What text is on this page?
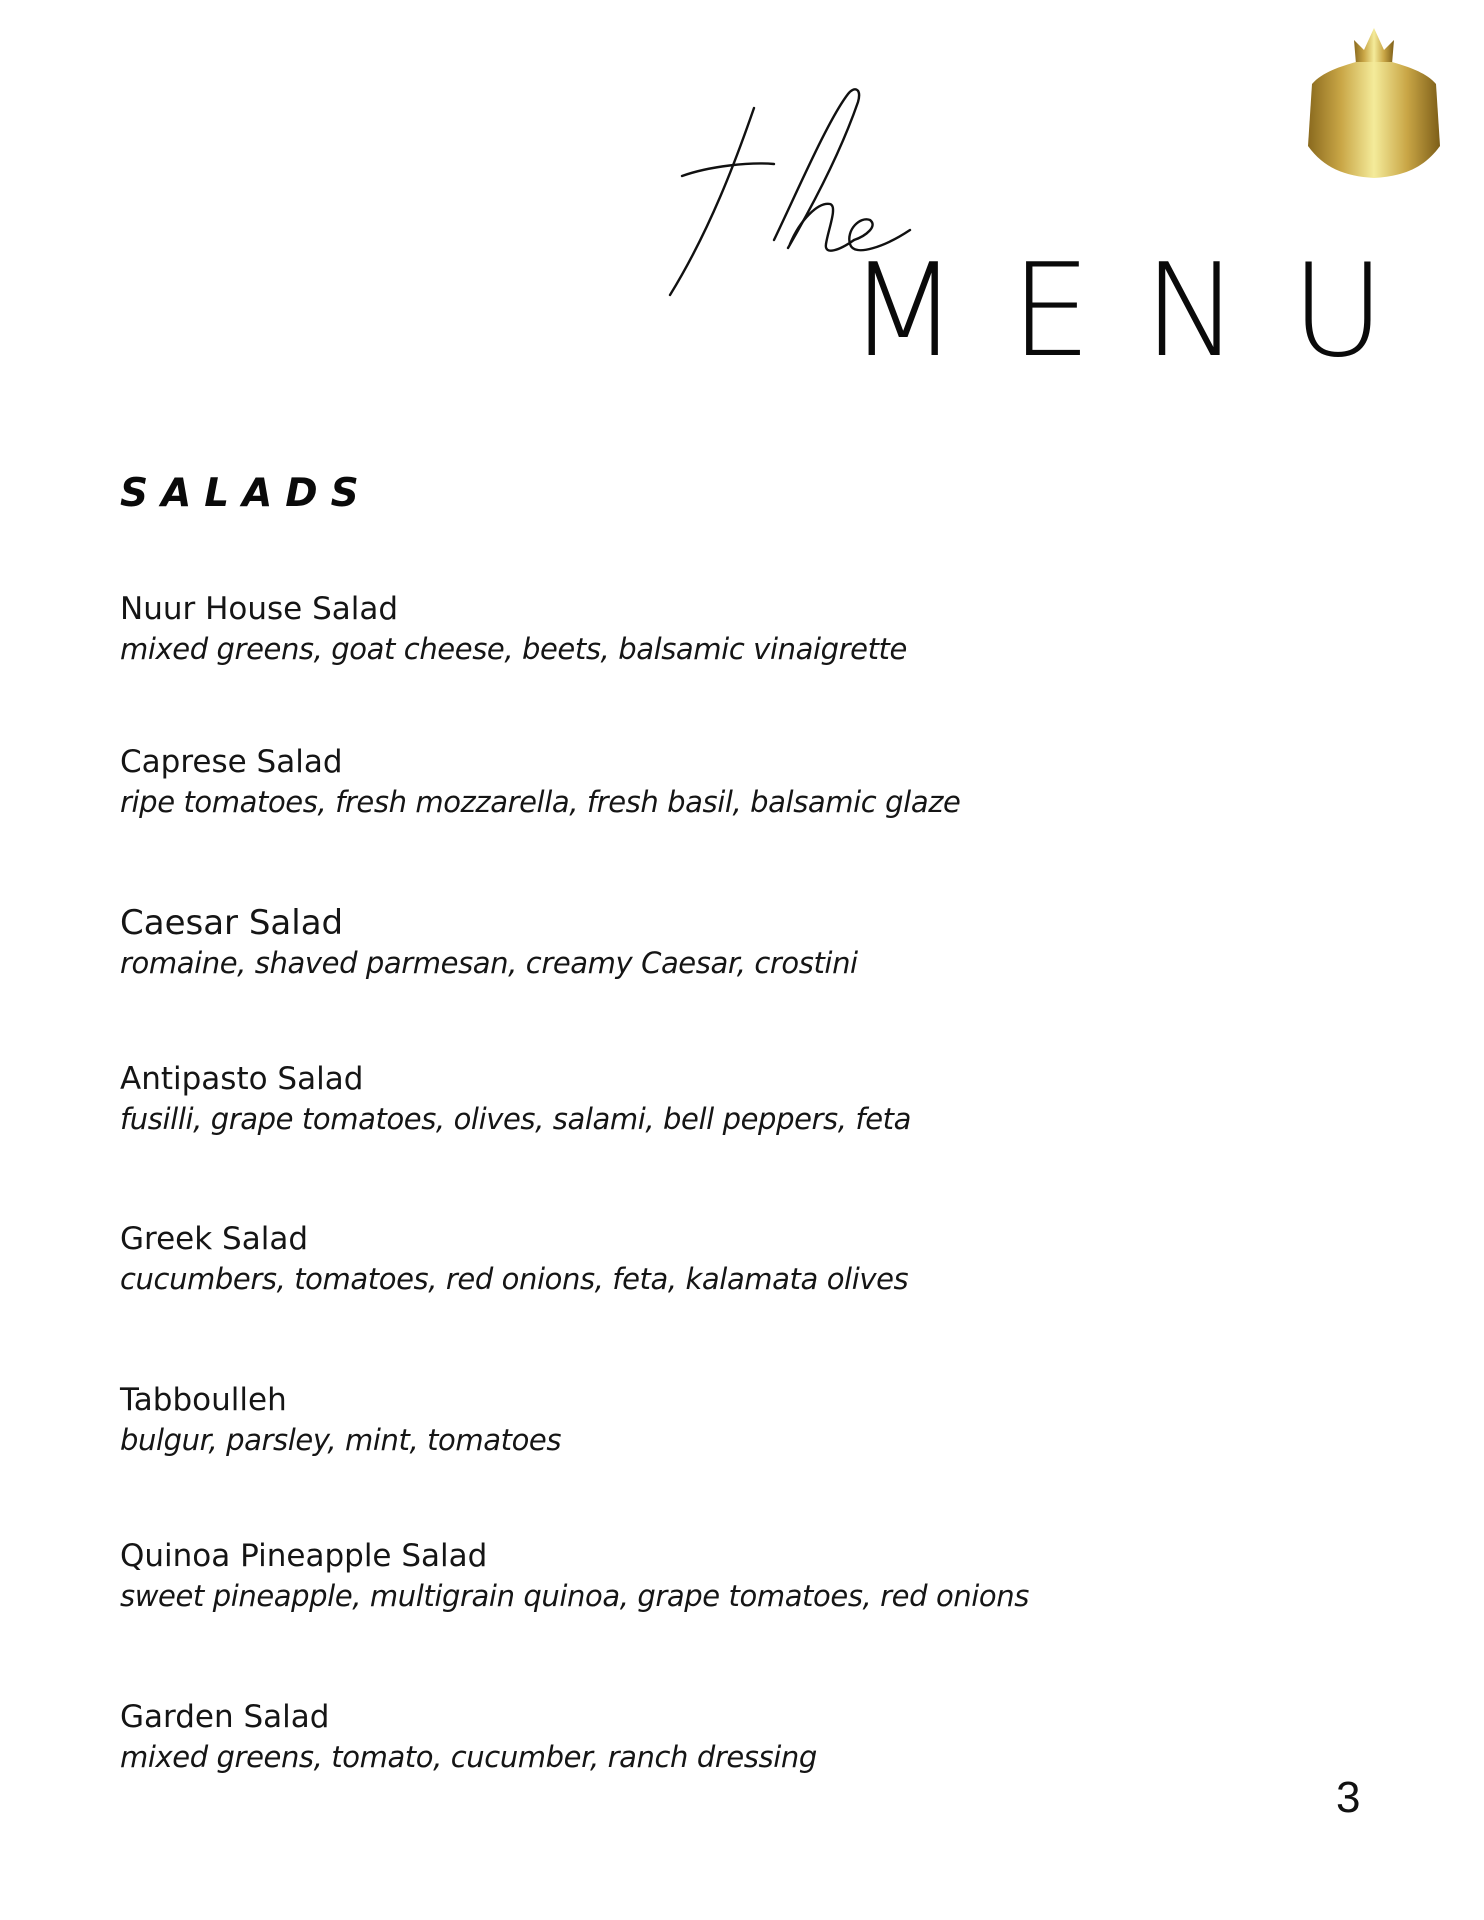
MENU
SALADS
Nuur House Salad
mixed greens, goat cheese, beets, balsamic vinaigrette
Caprese Salad
ripe tomatoes, fresh mozzarella, fresh basil, balsamic glaze
Caesar Salad
romaine, shaved parmesan, creamy Caesar, crostini
Antipasto Salad
fusilli, grape tomatoes, olives, salami, bell peppers, feta
Greek Salad
cucumbers, tomatoes, red onions, feta, kalamata olives
Tabboulleh
bulgur, parsley, mint, tomatoes
Quinoa Pineapple Salad
sweet pineapple, multigrain quinoa, grape tomatoes, red onions
Garden Salad
mixed greens, tomato, cucumber, ranch dressing
3
